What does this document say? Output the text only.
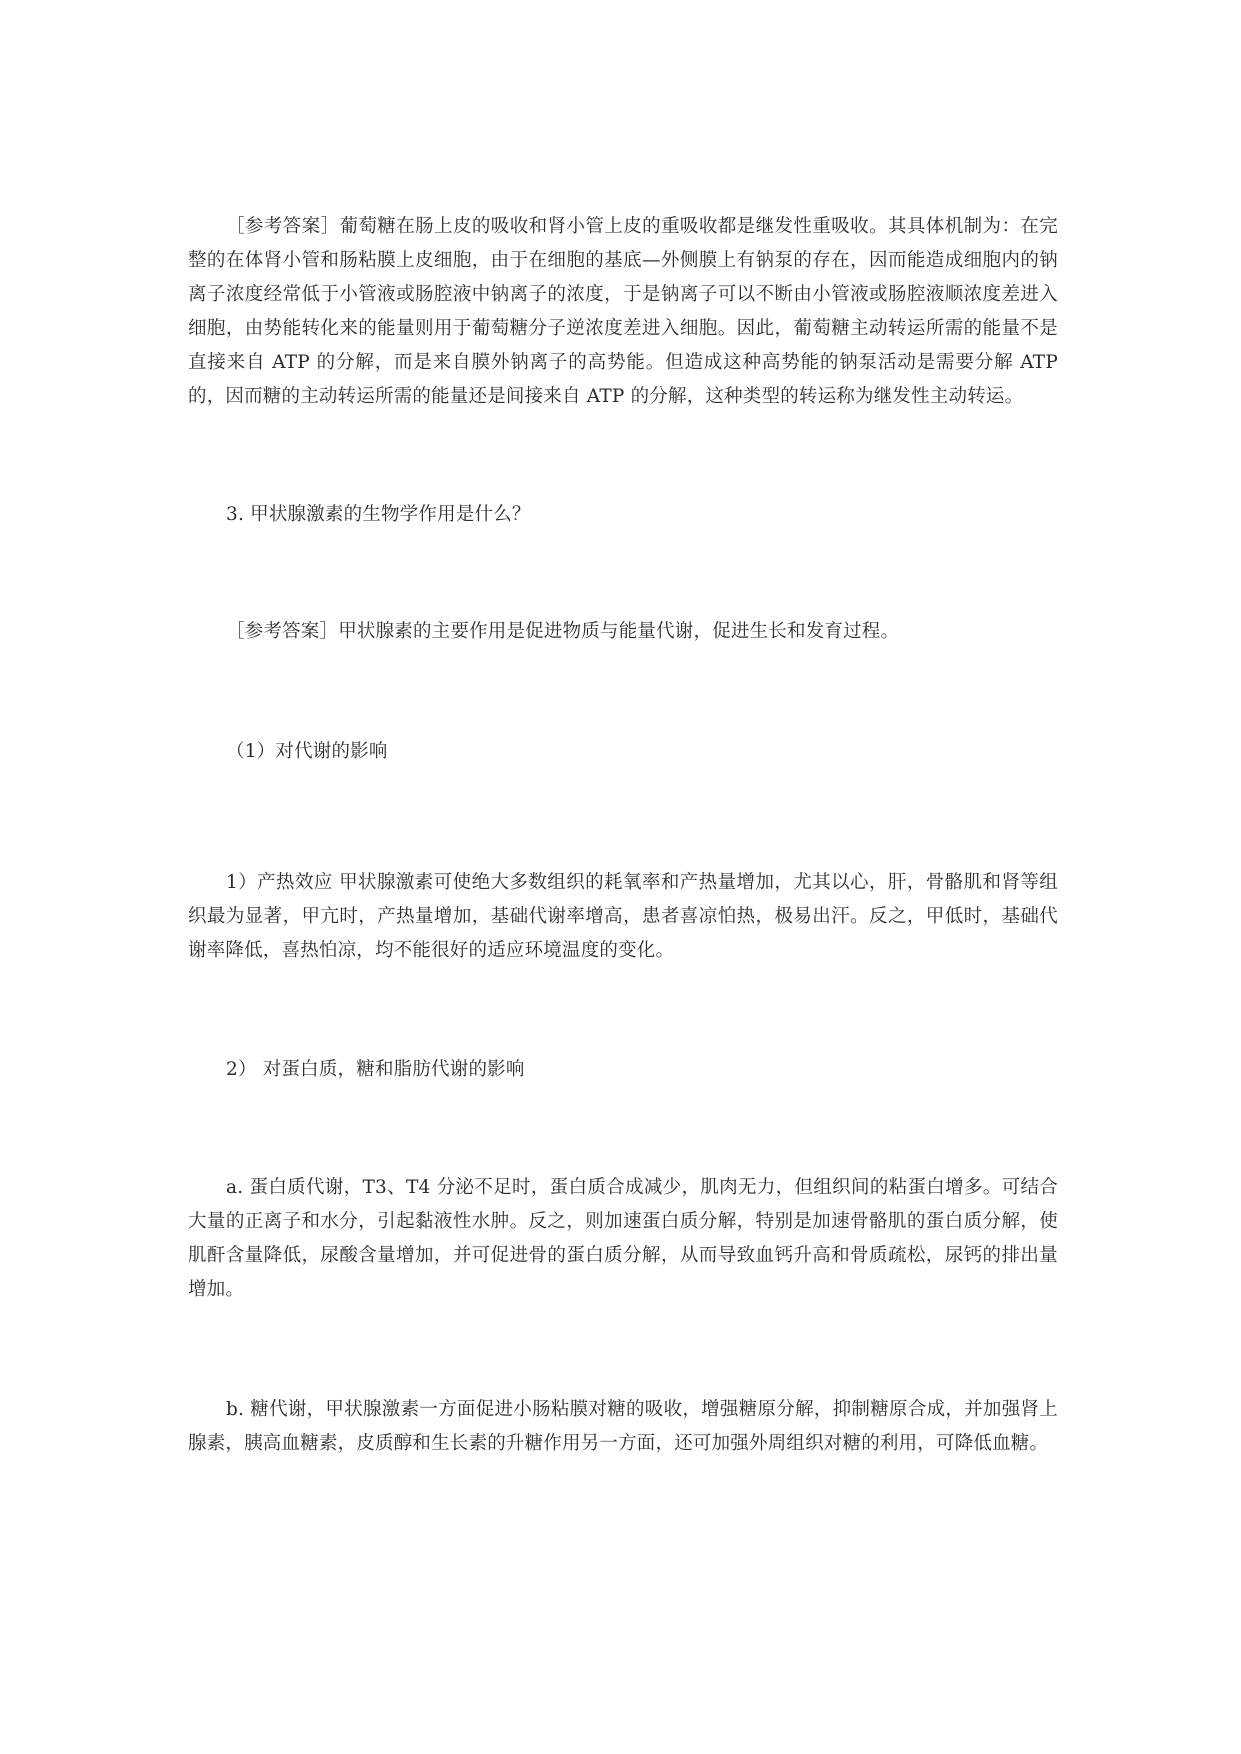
［参考答案］葡萄糖在肠上皮的吸收和肾小管上皮的重吸收都是继发性重吸收。其具体机制为：在完整的在体肾小管和肠粘膜上皮细胞，由于在细胞的基底—外侧膜上有钠泵的存在，因而能造成细胞内的钠离子浓度经常低于小管液或肠腔液中钠离子的浓度，于是钠离子可以不断由小管液或肠腔液顺浓度差进入细胞，由势能转化来的能量则用于葡萄糖分子逆浓度差进入细胞。因此，葡萄糖主动转运所需的能量不是直接来自 ATP 的分解，而是来自膜外钠离子的高势能。但造成这种高势能的钠泵活动是需要分解 ATP 的，因而糖的主动转运所需的能量还是间接来自 ATP 的分解，这种类型的转运称为继发性主动转运。

3. 甲状腺激素的生物学作用是什么？

［参考答案］甲状腺素的主要作用是促进物质与能量代谢，促进生长和发育过程。

（1）对代谢的影响

1）产热效应 甲状腺激素可使绝大多数组织的耗氧率和产热量增加，尤其以心，肝，骨骼肌和肾等组织最为显著，甲亢时，产热量增加，基础代谢率增高，患者喜凉怕热，极易出汗。反之，甲低时，基础代谢率降低，喜热怕凉，均不能很好的适应环境温度的变化。

2） 对蛋白质，糖和脂肪代谢的影响

a. 蛋白质代谢，T3、T4 分泌不足时，蛋白质合成减少，肌肉无力，但组织间的粘蛋白增多。可结合大量的正离子和水分，引起黏液性水肿。反之，则加速蛋白质分解，特别是加速骨骼肌的蛋白质分解，使肌酐含量降低，尿酸含量增加，并可促进骨的蛋白质分解，从而导致血钙升高和骨质疏松，尿钙的排出量增加。

b. 糖代谢，甲状腺激素一方面促进小肠粘膜对糖的吸收，增强糖原分解，抑制糖原合成，并加强肾上腺素，胰高血糖素，皮质醇和生长素的升糖作用另一方面，还可加强外周组织对糖的利用，可降低血糖。
